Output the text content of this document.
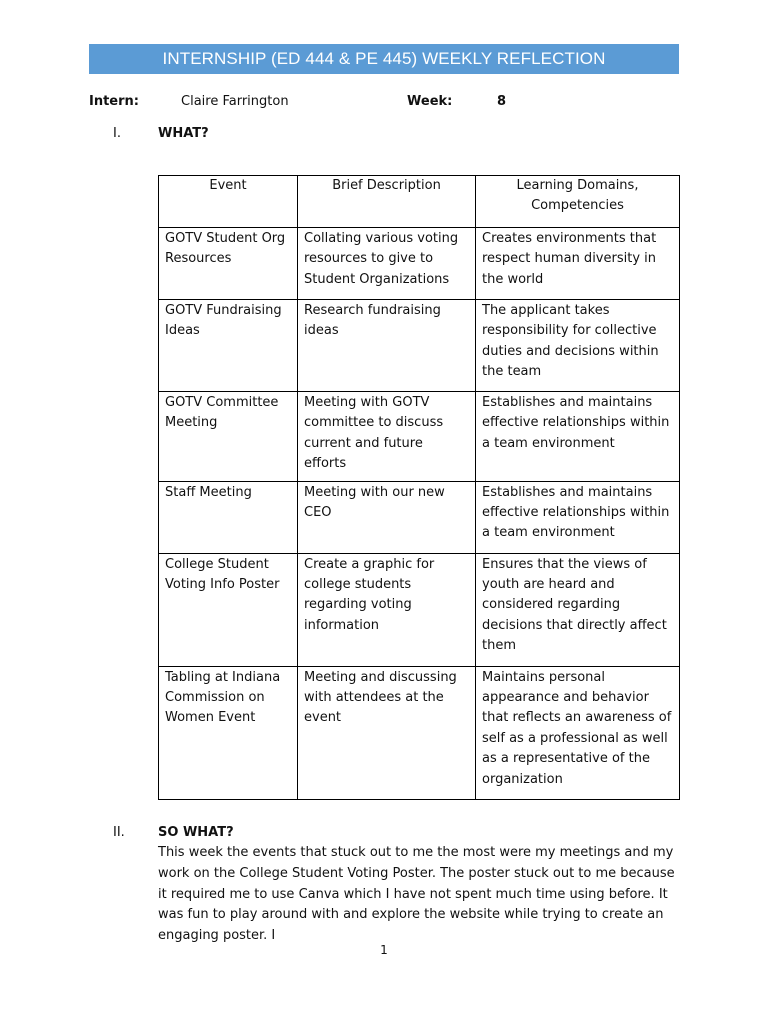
INTERNSHIP (ED 444 & PE 445) WEEKLY REFLECTION
Intern:	Claire Farrington	Week:	8
I.	WHAT?
Event	Brief Description	Learning Domains, Competencies
GOTV Student Org Resources	Collating various voting resources to give to Student Organizations	Creates environments that respect human diversity in the world
GOTV Fundraising Ideas	Research fundraising ideas	The applicant takes responsibility for collective duties and decisions within the team
GOTV Committee Meeting	Meeting with GOTV committee to discuss current and future efforts	Establishes and maintains effective relationships within a team environment
Staff Meeting	Meeting with our new CEO	Establishes and maintains effective relationships within a team environment
College Student Voting Info Poster	Create a graphic for college students regarding voting information	Ensures that the views of youth are heard and considered regarding decisions that directly affect them
Tabling at Indiana Commission on Women Event	Meeting and discussing with attendees at the event	Maintains personal appearance and behavior that reflects an awareness of self as a professional as well as a representative of the organization
II.	SO WHAT?
This week the events that stuck out to me the most were my meetings and my work on the College Student Voting Poster. The poster stuck out to me because it required me to use Canva which I have not spent much time using before. It was fun to play around with and explore the website while trying to create an engaging poster. I
1
